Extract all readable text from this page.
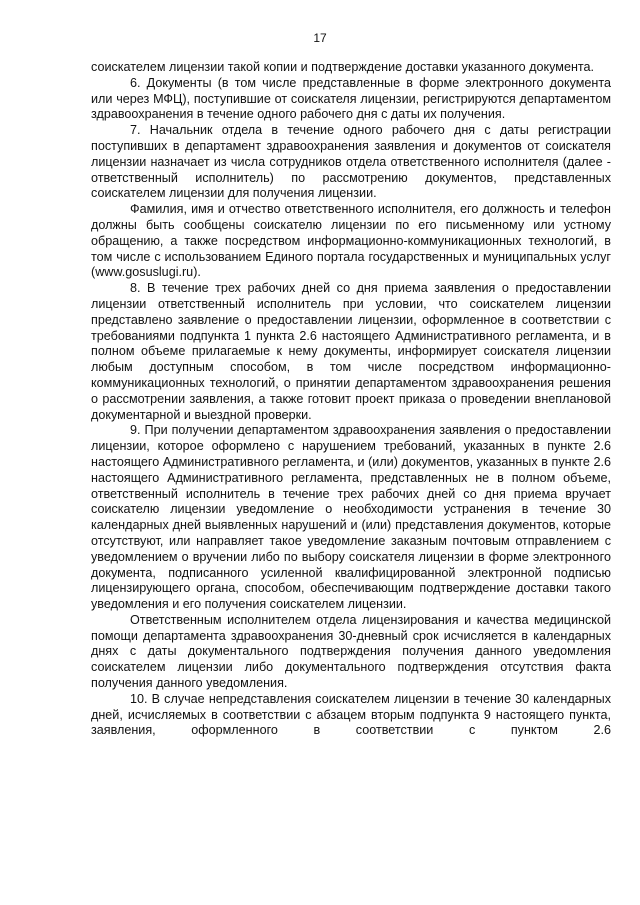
17

соискателем лицензии такой копии и подтверждение доставки указанного документа.

6. Документы (в том числе представленные в форме электронного документа или через МФЦ), поступившие от соискателя лицензии, регистрируются департаментом здравоохранения в течение одного рабочего дня с даты их получения.

7. Начальник отдела в течение одного рабочего дня с даты регистрации поступивших в департамент здравоохранения заявления и документов от соискателя лицензии назначает из числа сотрудников отдела ответственного исполнителя (далее - ответственный исполнитель) по рассмотрению документов, представленных соискателем лицензии для получения лицензии.

Фамилия, имя и отчество ответственного исполнителя, его должность и телефон должны быть сообщены соискателю лицензии по его письменному или устному обращению, а также посредством информационно-коммуникационных технологий, в том числе с использованием Единого портала государственных и муниципальных услуг (www.gosuslugi.ru).

8. В течение трех рабочих дней со дня приема заявления о предоставлении лицензии ответственный исполнитель при условии, что соискателем лицензии представлено заявление о предоставлении лицензии, оформленное в соответствии с требованиями подпункта 1 пункта 2.6 настоящего Административного регламента, и в полном объеме прилагаемые к нему документы, информирует соискателя лицензии любым доступным способом, в том числе посредством информационно-коммуникационных технологий, о принятии департаментом здравоохранения решения о рассмотрении заявления, а также готовит проект приказа о проведении внеплановой документарной и выездной проверки.

9. При получении департаментом здравоохранения заявления о предоставлении лицензии, которое оформлено с нарушением требований, указанных в пункте 2.6 настоящего Административного регламента, и (или) документов, указанных в пункте 2.6 настоящего Административного регламента, представленных не в полном объеме, ответственный исполнитель в течение трех рабочих дней со дня приема вручает соискателю лицензии уведомление о необходимости устранения в течение 30 календарных дней выявленных нарушений и (или) представления документов, которые отсутствуют, или направляет такое уведомление заказным почтовым отправлением с уведомлением о вручении либо по выбору соискателя лицензии в форме электронного документа, подписанного усиленной квалифицированной электронной подписью лицензирующего органа, способом, обеспечивающим подтверждение доставки такого уведомления и его получения соискателем лицензии.

Ответственным исполнителем отдела лицензирования и качества медицинской помощи департамента здравоохранения 30-дневный срок исчисляется в календарных днях с даты документального подтверждения получения данного уведомления соискателем лицензии либо документального подтверждения отсутствия факта получения данного уведомления.

10. В случае непредставления соискателем лицензии в течение 30 календарных дней, исчисляемых в соответствии с абзацем вторым подпункта 9 настоящего пункта, заявления, оформленного в соответствии с пунктом 2.6
